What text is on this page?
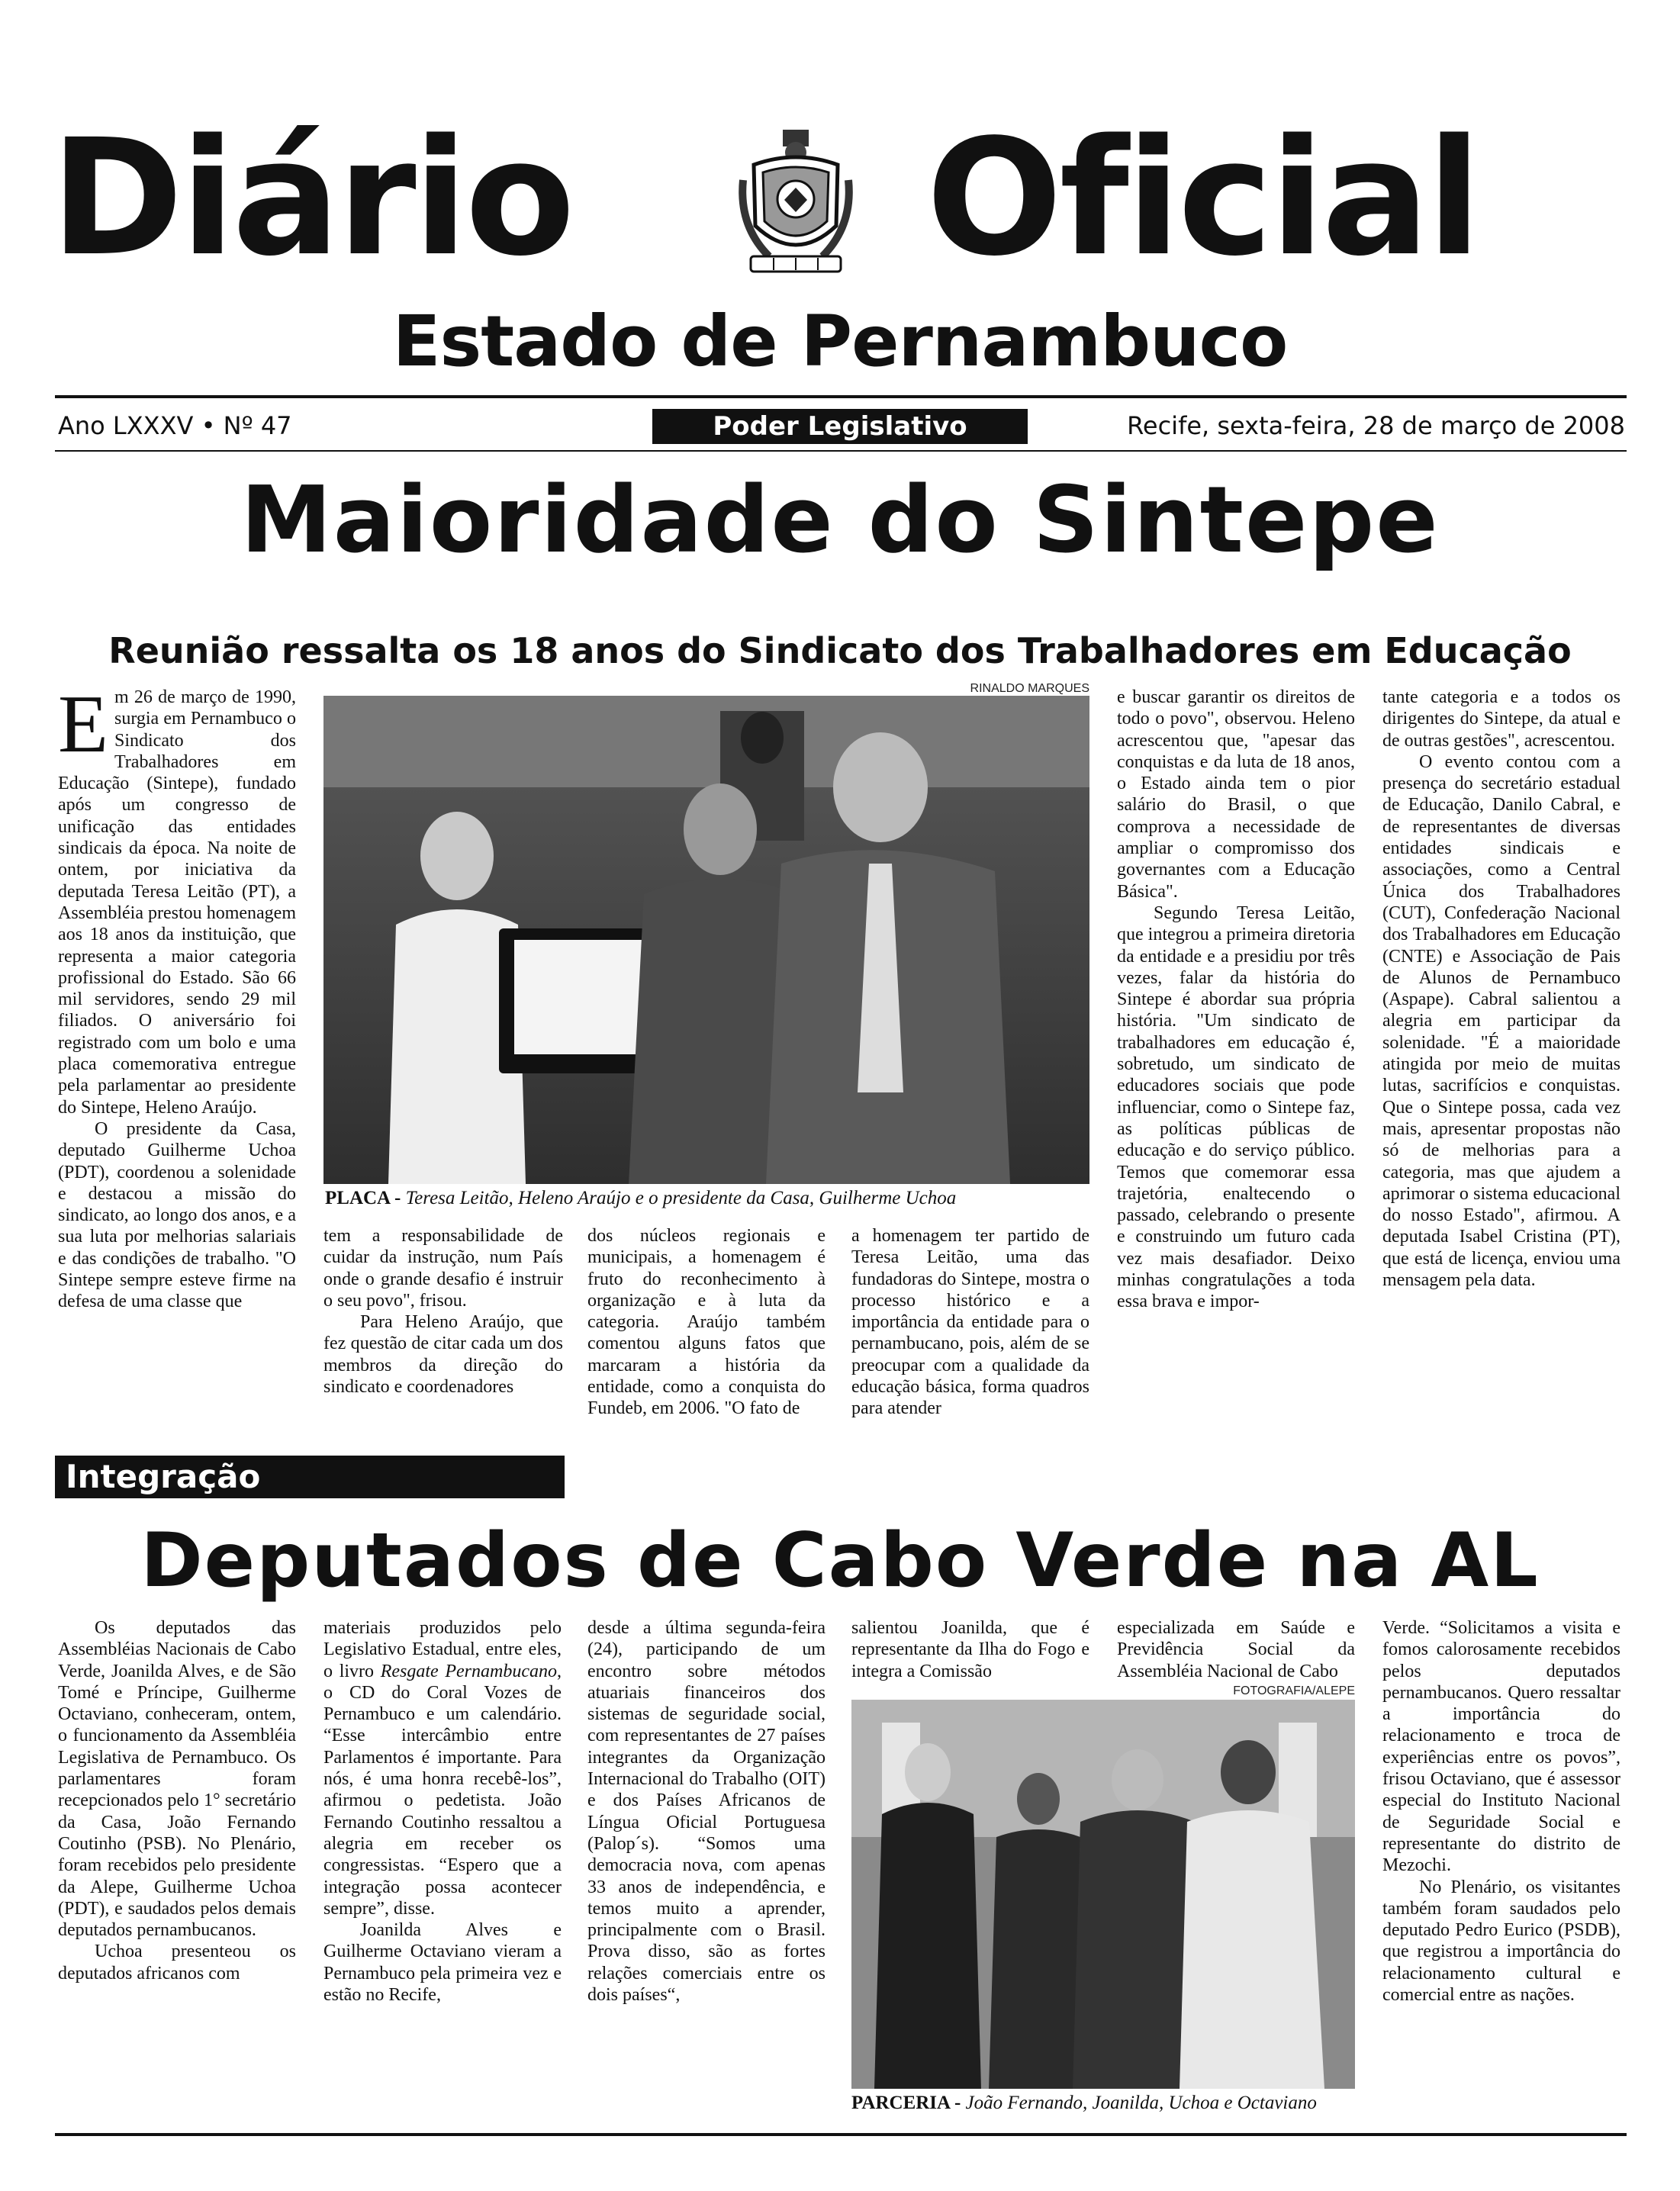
Diário Oficial
Estado de Pernambuco
Ano LXXXV • Nº 47	Poder Legislativo	Recife, sexta-feira, 28 de março de 2008
Maioridade do Sintepe
Reunião ressalta os 18 anos do Sindicato dos Trabalhadores em Educação

Em 26 de março de 1990, surgia em Pernambuco o Sindicato dos Trabalhadores em Educação (Sintepe), fundado após um congresso de unificação das entidades sindicais da época. Na noite de ontem, por iniciativa da deputada Teresa Leitão (PT), a Assembléia prestou homenagem aos 18 anos da instituição, que representa a maior categoria profissional do Estado. São 66 mil servidores, sendo 29 mil filiados. O aniversário foi registrado com um bolo e uma placa comemorativa entregue pela parlamentar ao presidente do Sintepe, Heleno Araújo.

O presidente da Casa, deputado Guilherme Uchoa (PDT), coordenou a solenidade e destacou a missão do sindicato, ao longo dos anos, e a sua luta por melhorias salariais e das condições de trabalho. "O Sintepe sempre esteve firme na defesa de uma classe que

RINALDO MARQUES
PLACA - Teresa Leitão, Heleno Araújo e o presidente da Casa, Guilherme Uchoa

tem a responsabilidade de cuidar da instrução, num País onde o grande desafio é instruir o seu povo", frisou.

Para Heleno Araújo, que fez questão de citar cada um dos membros da direção do sindicato e coordenadores

dos núcleos regionais e municipais, a homenagem é fruto do reconhecimento à organização e à luta da categoria. Araújo também comentou alguns fatos que marcaram a história da entidade, como a conquista do Fundeb, em 2006. "O fato de

a homenagem ter partido de Teresa Leitão, uma das fundadoras do Sintepe, mostra o processo histórico e a importância da entidade para o pernambucano, pois, além de se preocupar com a qualidade da educação básica, forma quadros para atender

e buscar garantir os direitos de todo o povo", observou. Heleno acrescentou que, "apesar das conquistas e da luta de 18 anos, o Estado ainda tem o pior salário do Brasil, o que comprova a necessidade de ampliar o compromisso dos governantes com a Educação Básica".

Segundo Teresa Leitão, que integrou a primeira diretoria da entidade e a presidiu por três vezes, falar da história do Sintepe é abordar sua própria história. "Um sindicato de trabalhadores em educação é, sobretudo, um sindicato de educadores sociais que pode influenciar, como o Sintepe faz, as políticas públicas de educação e do serviço público. Temos que comemorar essa trajetória, enaltecendo o passado, celebrando o presente e construindo um futuro cada vez mais desafiador. Deixo minhas congratulações a toda essa brava e impor-

tante categoria e a todos os dirigentes do Sintepe, da atual e de outras gestões", acrescentou.

O evento contou com a presença do secretário estadual de Educação, Danilo Cabral, e de representantes de diversas entidades sindicais e associações, como a Central Única dos Trabalhadores (CUT), Confederação Nacional dos Trabalhadores em Educação (CNTE) e Associação de Pais de Alunos de Pernambuco (Aspape). Cabral salientou a alegria em participar da solenidade. "É a maioridade atingida por meio de muitas lutas, sacrifícios e conquistas. Que o Sintepe possa, cada vez mais, apresentar propostas não só de melhorias para a categoria, mas que ajudem a aprimorar o sistema educacional do nosso Estado", afirmou. A deputada Isabel Cristina (PT), que está de licença, enviou uma mensagem pela data.

Integração
Deputados de Cabo Verde na AL

Os deputados das Assembléias Nacionais de Cabo Verde, Joanilda Alves, e de São Tomé e Príncipe, Guilherme Octaviano, conheceram, ontem, o funcionamento da Assembléia Legislativa de Pernambuco. Os parlamentares foram recepcionados pelo 1° secretário da Casa, João Fernando Coutinho (PSB). No Plenário, foram recebidos pelo presidente da Alepe, Guilherme Uchoa (PDT), e saudados pelos demais deputados pernambucanos.

Uchoa presenteou os deputados africanos com

materiais produzidos pelo Legislativo Estadual, entre eles, o livro Resgate Pernambucano, o CD do Coral Vozes de Pernambuco e um calendário. “Esse intercâmbio entre Parlamentos é importante. Para nós, é uma honra recebê-los”, afirmou o pedetista. João Fernando Coutinho ressaltou a alegria em receber os congressistas. “Espero que a integração possa acontecer sempre”, disse.

Joanilda Alves e Guilherme Octaviano vieram a Pernambuco pela primeira vez e estão no Recife,

desde a última segunda-feira (24), participando de um encontro sobre métodos atuariais financeiros dos sistemas de seguridade social, com representantes de 27 países integrantes da Organização Internacional do Trabalho (OIT) e dos Países Africanos de Língua Oficial Portuguesa (Palop´s). “Somos uma democracia nova, com apenas 33 anos de independência, e temos muito a aprender, principalmente com o Brasil. Prova disso, são as fortes relações comerciais entre os dois países“,

salientou Joanilda, que é representante da Ilha do Fogo e integra a Comissão

especializada em Saúde e Previdência Social da Assembléia Nacional de Cabo

FOTOGRAFIA/ALEPE
PARCERIA - João Fernando, Joanilda, Uchoa e Octaviano

Verde. “Solicitamos a visita e fomos calorosamente recebidos pelos deputados pernambucanos. Quero ressaltar a importância do relacionamento e troca de experiências entre os povos”, frisou Octaviano, que é assessor especial do Instituto Nacional de Seguridade Social e representante do distrito de Mezochi.

No Plenário, os visitantes também foram saudados pelo deputado Pedro Eurico (PSDB), que registrou a importância do relacionamento cultural e comercial entre as nações.
